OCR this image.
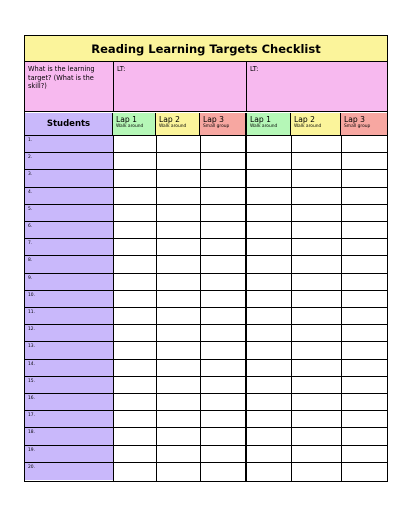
Reading Learning Targets Checklist
What is the learning target? (What is the skill?)
LT:	LT:
Students	Lap 1
Walk around
Lap 2
Walk around
Lap 3
Small group
Lap 1
Walk around
Lap 2
Walk around
Lap 3
Small group
1.
2.
3.
4.
5.
6.
7.
8.
9.
10.
11.
12.
13.
14.
15.
16.
17.
18.
19.
20.
